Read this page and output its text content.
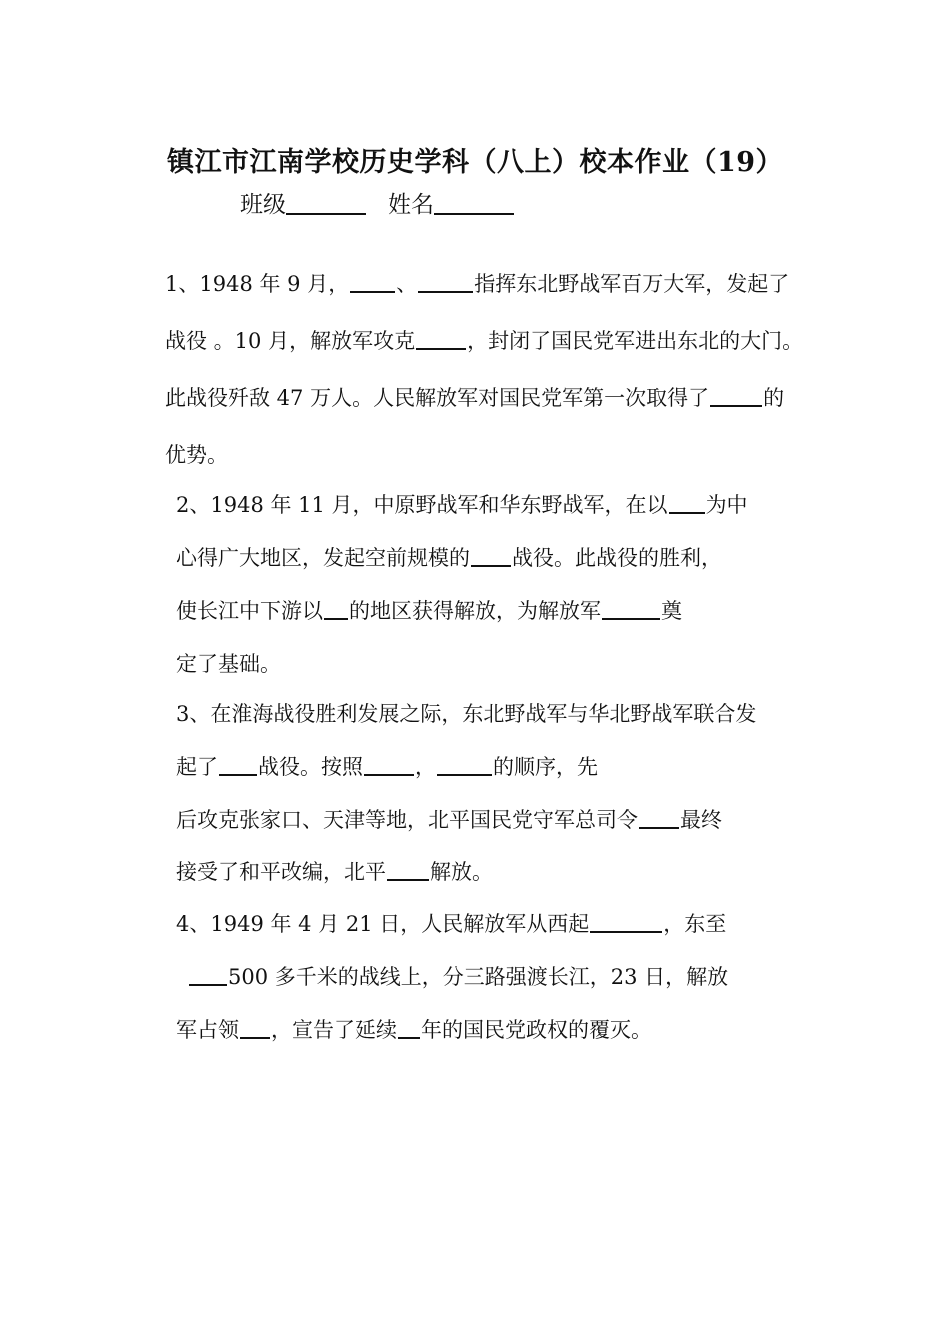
镇江市江南学校历史学科（八上）校本作业（19）
班级	姓名
1、1948 年 9 月， 、	指挥东北野战军百万大军，发起了
战役 。10 月，解放军攻克 ，封闭了国民党军进出东北的大门。
此战役歼敌 47 万人。人民解放军对国民党军第一次取得了	的
优势。
2、1948 年 11 月，中原野战军和华东野战军，在以 为中
心得广大地区，发起空前规模的 战役。此战役的胜利，
使长江中下游以 的地区获得解放，为解放军	奠
定了基础。
3、在淮海战役胜利发展之际，东北野战军与华北野战军联合发
起了 战役。按照 ，	的顺序，先
后攻克张家口、天津等地，北平国民党守军总司令 最终
接受了和平改编，北平 解放。
4、1949 年 4 月 21 日，人民解放军从西起	，东至
500 多千米的战线上，分三路强渡长江，23 日，解放
军占领 ，宣告了延续 年的国民党政权的覆灭。
